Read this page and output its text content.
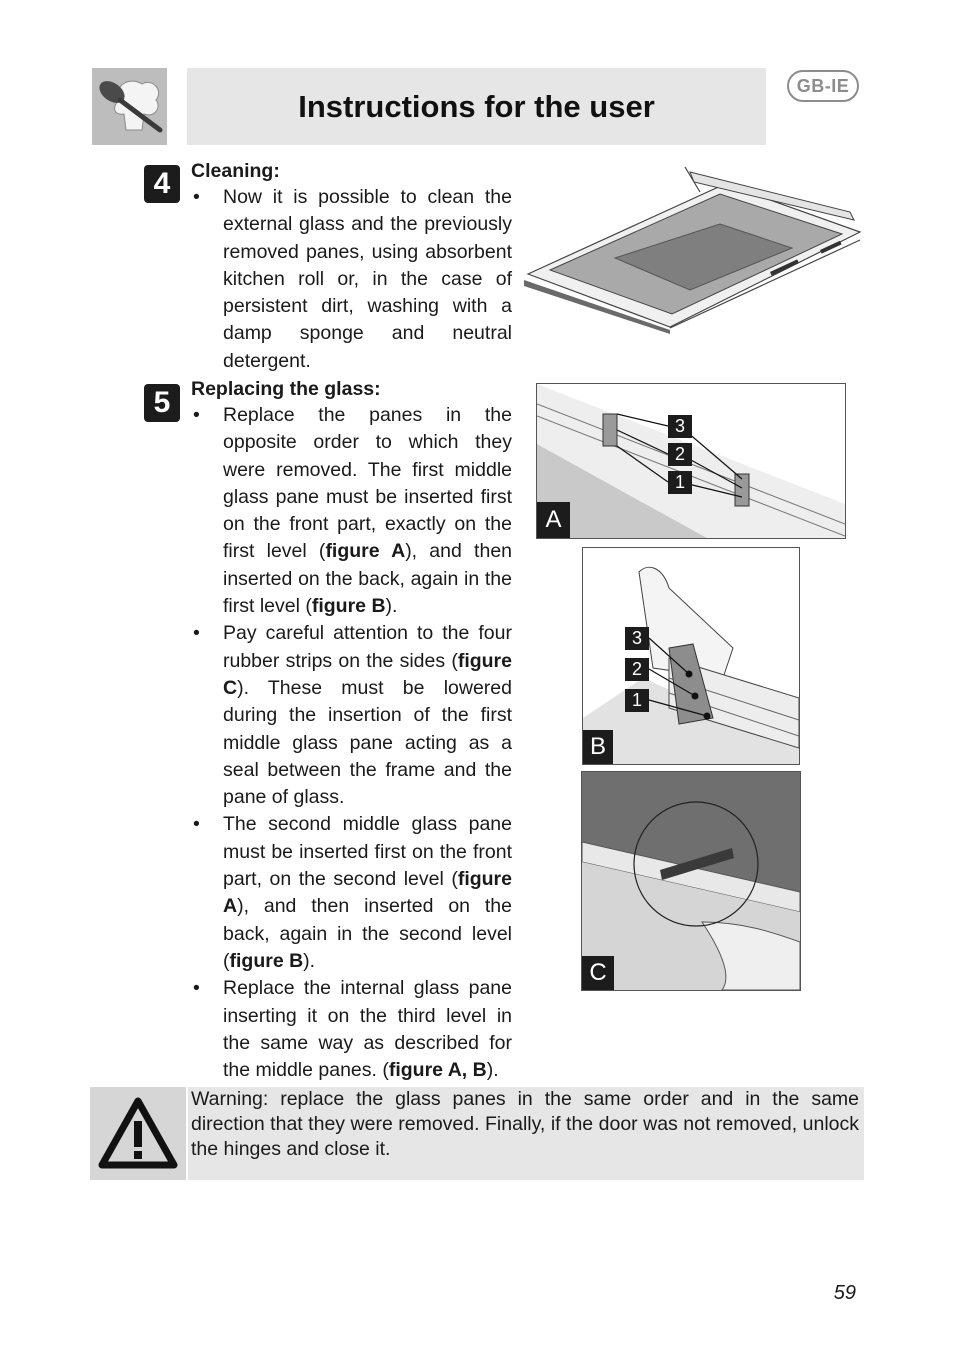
Instructions for the user
GB-IE
4	Cleaning:
• Now it is possible to clean the external glass and the previously removed panes, using absorbent kitchen roll or, in the case of persistent dirt, washing with a damp sponge and neutral detergent.
5	Replacing the glass:
• Replace the panes in the opposite order to which they were removed. The first middle glass pane must be inserted first on the front part, exactly on the first level (figure A), and then inserted on the back, again in the first level (figure B).
• Pay careful attention to the four rubber strips on the sides (figure C). These must be lowered during the insertion of the first middle glass pane acting as a seal between the frame and the pane of glass.
• The second middle glass pane must be inserted first on the front part, on the second level (figure A), and then inserted on the back, again in the second level (figure B).
• Replace the internal glass pane inserting it on the third level in the same way as described for the middle panes. (figure A, B).
3
2
1
A
3
2
1
B
C
Warning: replace the glass panes in the same order and in the same direction that they were removed. Finally, if the door was not removed, unlock the hinges and close it.
59
